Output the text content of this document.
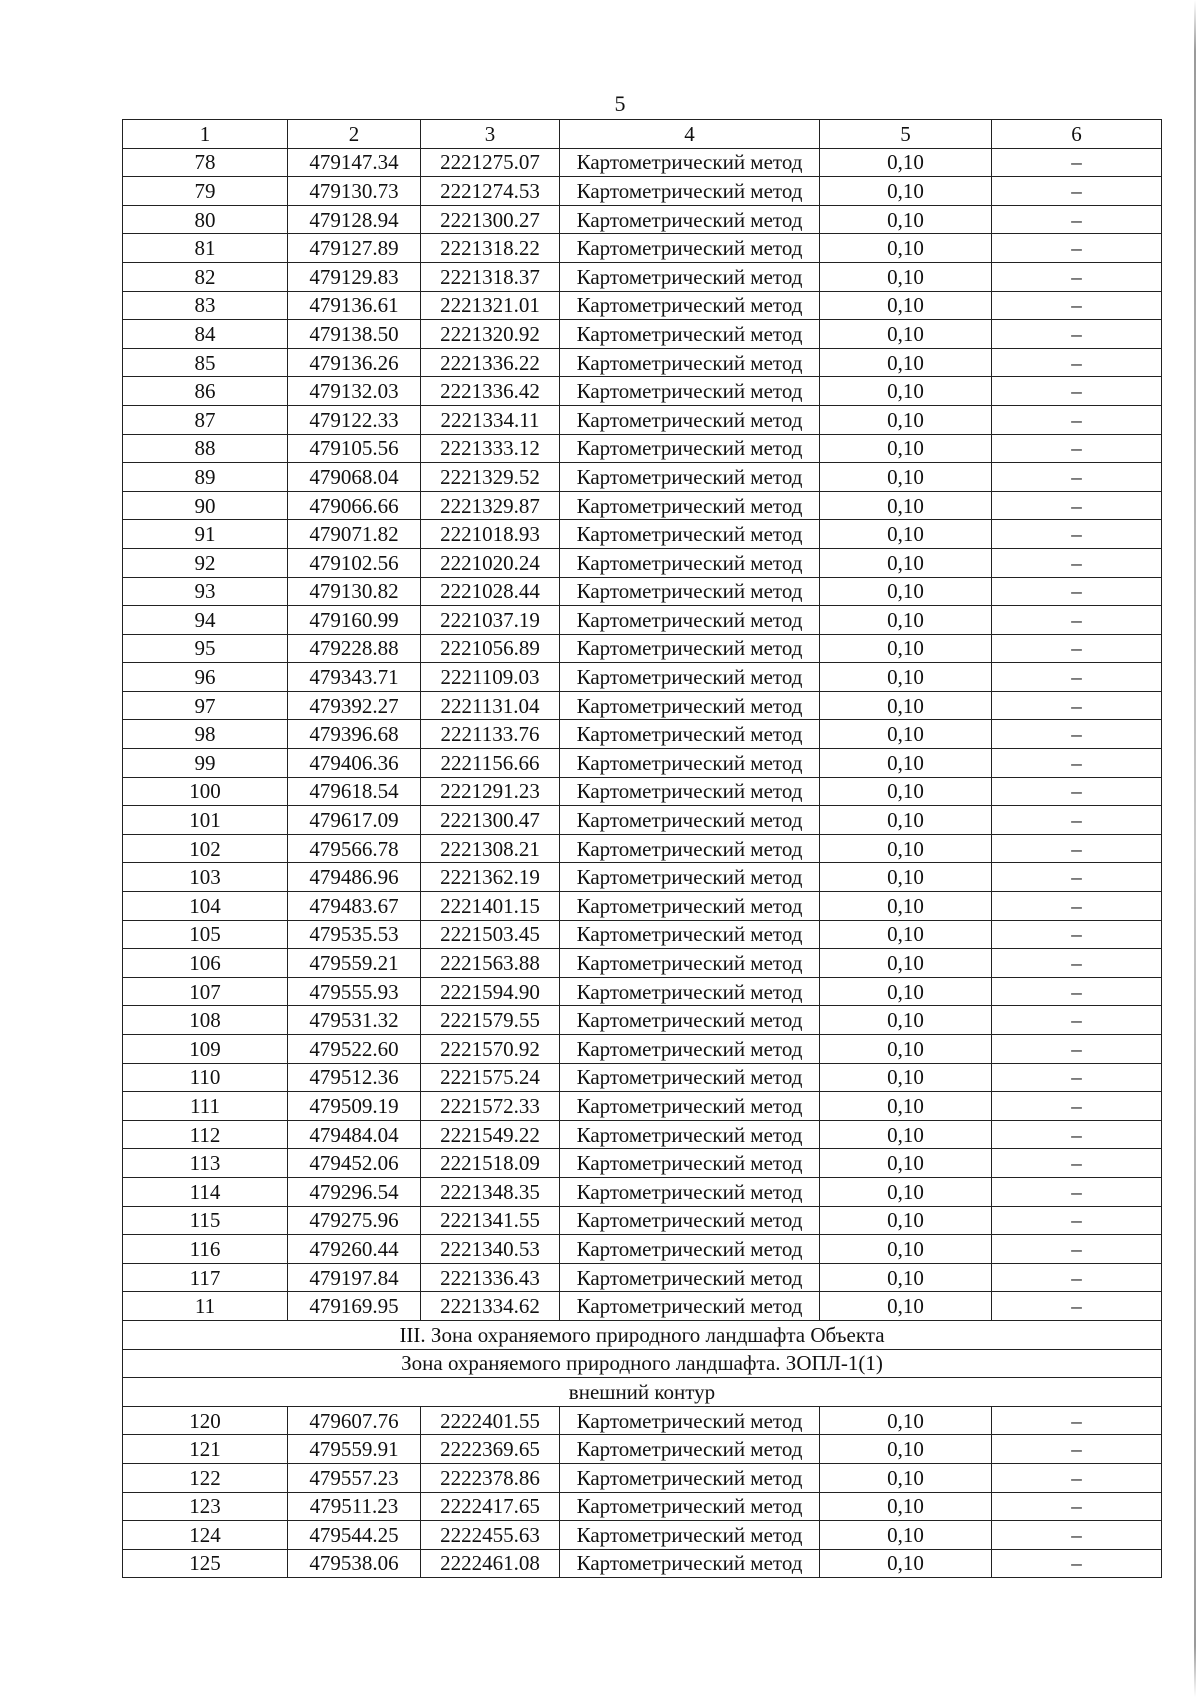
5
1	2	3	4	5	6
78	479147.34	2221275.07	Картометрический метод	0,10	–
79	479130.73	2221274.53	Картометрический метод	0,10	–
80	479128.94	2221300.27	Картометрический метод	0,10	–
81	479127.89	2221318.22	Картометрический метод	0,10	–
82	479129.83	2221318.37	Картометрический метод	0,10	–
83	479136.61	2221321.01	Картометрический метод	0,10	–
84	479138.50	2221320.92	Картометрический метод	0,10	–
85	479136.26	2221336.22	Картометрический метод	0,10	–
86	479132.03	2221336.42	Картометрический метод	0,10	–
87	479122.33	2221334.11	Картометрический метод	0,10	–
88	479105.56	2221333.12	Картометрический метод	0,10	–
89	479068.04	2221329.52	Картометрический метод	0,10	–
90	479066.66	2221329.87	Картометрический метод	0,10	–
91	479071.82	2221018.93	Картометрический метод	0,10	–
92	479102.56	2221020.24	Картометрический метод	0,10	–
93	479130.82	2221028.44	Картометрический метод	0,10	–
94	479160.99	2221037.19	Картометрический метод	0,10	–
95	479228.88	2221056.89	Картометрический метод	0,10	–
96	479343.71	2221109.03	Картометрический метод	0,10	–
97	479392.27	2221131.04	Картометрический метод	0,10	–
98	479396.68	2221133.76	Картометрический метод	0,10	–
99	479406.36	2221156.66	Картометрический метод	0,10	–
100	479618.54	2221291.23	Картометрический метод	0,10	–
101	479617.09	2221300.47	Картометрический метод	0,10	–
102	479566.78	2221308.21	Картометрический метод	0,10	–
103	479486.96	2221362.19	Картометрический метод	0,10	–
104	479483.67	2221401.15	Картометрический метод	0,10	–
105	479535.53	2221503.45	Картометрический метод	0,10	–
106	479559.21	2221563.88	Картометрический метод	0,10	–
107	479555.93	2221594.90	Картометрический метод	0,10	–
108	479531.32	2221579.55	Картометрический метод	0,10	–
109	479522.60	2221570.92	Картометрический метод	0,10	–
110	479512.36	2221575.24	Картометрический метод	0,10	–
111	479509.19	2221572.33	Картометрический метод	0,10	–
112	479484.04	2221549.22	Картометрический метод	0,10	–
113	479452.06	2221518.09	Картометрический метод	0,10	–
114	479296.54	2221348.35	Картометрический метод	0,10	–
115	479275.96	2221341.55	Картометрический метод	0,10	–
116	479260.44	2221340.53	Картометрический метод	0,10	–
117	479197.84	2221336.43	Картометрический метод	0,10	–
11	479169.95	2221334.62	Картометрический метод	0,10	–
III. Зона охраняемого природного ландшафта Объекта					
Зона охраняемого природного ландшафта. ЗОПЛ-1(1)					
внешний контур					
120	479607.76	2222401.55	Картометрический метод	0,10	–
121	479559.91	2222369.65	Картометрический метод	0,10	–
122	479557.23	2222378.86	Картометрический метод	0,10	–
123	479511.23	2222417.65	Картометрический метод	0,10	–
124	479544.25	2222455.63	Картометрический метод	0,10	–
125	479538.06	2222461.08	Картометрический метод	0,10	–
